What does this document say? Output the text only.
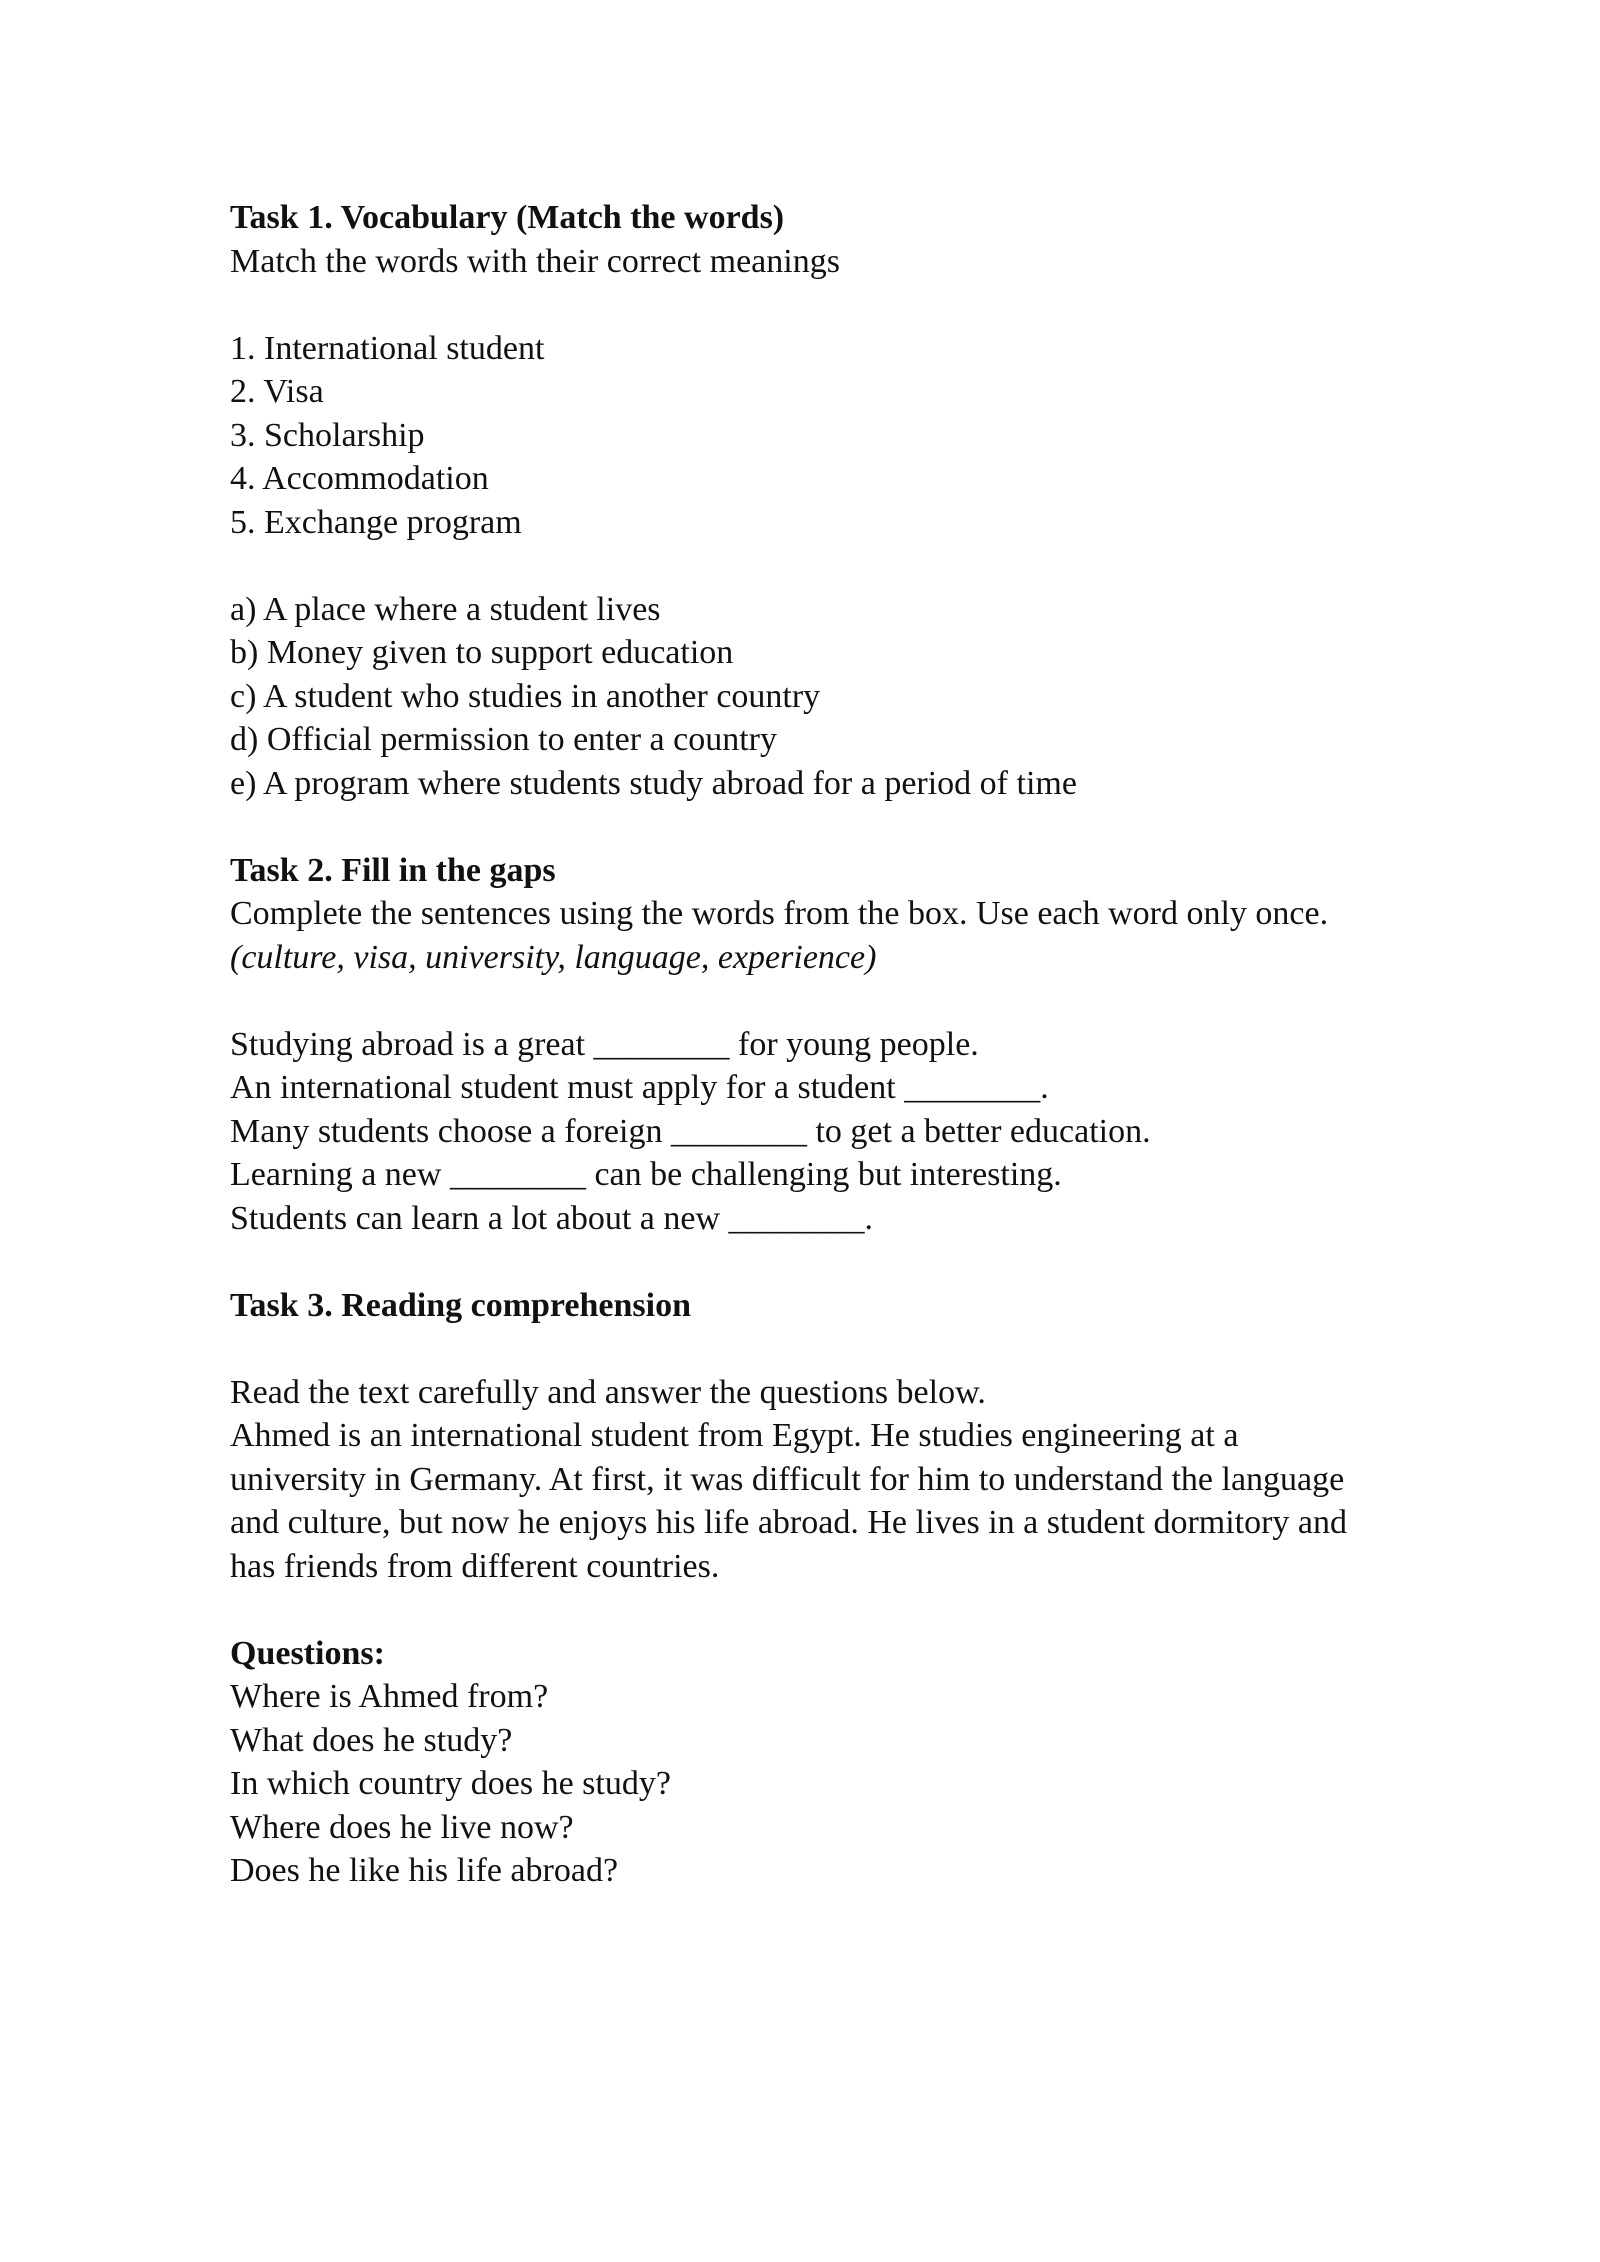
Task 1. Vocabulary (Match the words)
Match the words with their correct meanings
1. International student
2. Visa
3. Scholarship
4. Accommodation
5. Exchange program
a) A place where a student lives
b) Money given to support education
c) A student who studies in another country
d) Official permission to enter a country
e) A program where students study abroad for a period of time
Task 2. Fill in the gaps
Complete the sentences using the words from the box. Use each word only once.
(culture, visa, university, language, experience)
Studying abroad is a great ________ for young people.
An international student must apply for a student ________.
Many students choose a foreign ________ to get a better education.
Learning a new ________ can be challenging but interesting.
Students can learn a lot about a new ________.
Task 3. Reading comprehension
Read the text carefully and answer the questions below.
Ahmed is an international student from Egypt. He studies engineering at a
university in Germany. At first, it was difficult for him to understand the language
and culture, but now he enjoys his life abroad. He lives in a student dormitory and
has friends from different countries.
Questions:
Where is Ahmed from?
What does he study?
In which country does he study?
Where does he live now?
Does he like his life abroad?
